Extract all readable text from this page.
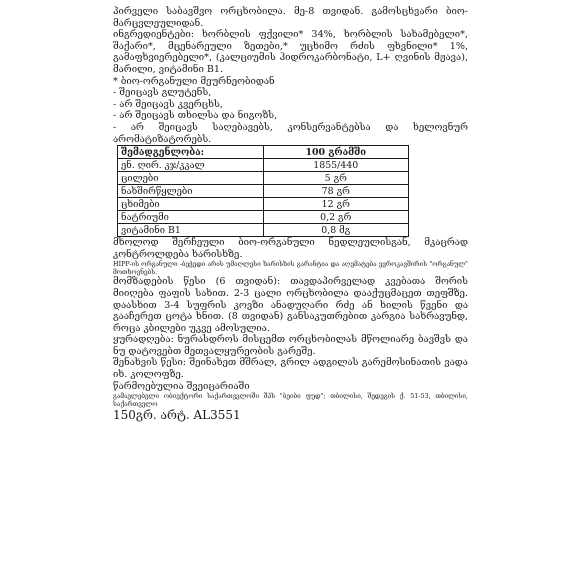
პირველი საბავშვო ორცხობილა. მე-8 თვიდან. გამოსცხვარი ბიო-მარცვლეულიდან.

ინგრედიენტები: ხორბლის ფქვილი* 34%, ხორბლის სახამებელი*, შაქარი*, მცენარეული ზეთები,* უცხიმო რძის ფხვნილი* 1%, გამაფხვიერებელი*, (კალციუმის ჰიდროკარბონატი, L+ ღვინის მჟავა), მარილი, ვიტამინი B1.

* ბიო-ორგანული მეურნეობიდან

- შეიცავს გლუტენს,

- არ შეიცავს კვერცხს,

- არ შეიცავს თხილსა და ნიგოზს,

- არ შეიცავს საღებავებს, კონსერვანტებსა და ხელოვნურ არომატიზატორებს.

შემადგენლობა:	100 გრამში
ენ. ღირ. კჯ/კკალ	1855/440
ცილები	5 გრ
ნახშირწყლები	78 გრ
ცხიმები	12 გრ
ნატრიუმი	0,2 გრ
ვიტამინი B1	0,8 მგ

მხოლოდ შერჩეული ბიო-ორგანული ნედლეულისგან, მკაცრად კონტროლდება ხარისხზე.

HIPP-ის ორგანული -ბეჭედი არის უმაღლესი ხარისხის გარანტია და აღემატება ევროკავშირის "ორგანულ" მოთხოვნებს.

მომზადების წესი (6 თვიდან): თავდაპირველად კვებათა შორის მიიღება ფაფის სახით. 2-3 ცალი ორცხობილა დააქუცმაცეთ თეფშზე. დაასხით 3-4 სუფრის კოვზი ანადუღარი რძე ან ხილის წვენი და გააჩერეთ ცოტა ხნით. (8 თვიდან) განსაკუთრებით კარგია სახრავუნდ, როცა კბილები უკვე ამოსულია.

ყურადღება: ნურასდროს მისცემთ ორცხობილას მწოლიარე ბავშვს და ნუ დატოვებთ მეთვალყურეობის გარეშე.

შენახვის წესი: შეინახეთ მშრალ, გრილ ადგილას გარემოსინათის ვადა იხ. კოლოფზე.

წარმოებულია შვეიცარიაში

გამაელებელი ობიექტორი საქართველოში შპს "ბეიბი ფუდ"; თბილისი, შედეგის ქ. 51-53, თბილისი, საქართველო

150გრ. არტ. AL3551
